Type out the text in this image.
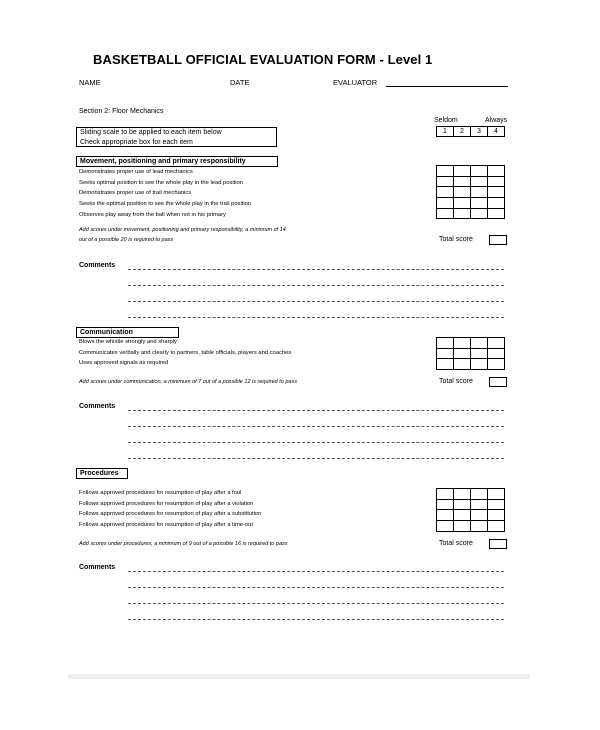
BASKETBALL OFFICIAL EVALUATION FORM - Level 1
NAME	DATE	EVALUATOR
Section 2: Floor Mechanics
Seldom	Always
1	2	3	4
Sliding scale to be applied to each item below
Check appropriate box for each item
Movement, positioning and primary responsibility
Demonstrates proper use of lead mechanics
Seeks optimal position to see the whole play in the lead position
Demonstrates proper use of trail mechanics
Seeks the optimal position to see the whole play in the trail position
Observes play away from the ball when not in his primary

Add scores under movement, positioning and primary responsibility, a minimum of 14
out of a possible 20 is required to pass	Total score
Comments
Communication
Blows the whistle strongly and sharply
Communicates verbally and clearly to partners, table officials, players and coaches
Uses approved signals as required

Add scores under communication, a minimum of 7 out of a possible 12 is required to pass	Total score
Comments
Procedures
Follows approved procedures for resumption of play after a foul
Follows approved procedures for resumption of play after a violation
Follows approved procedures for resumption of play after a substitution
Follows approved procedures for resumption of play after a time-out

Add scores under procedures, a minimum of 9 out of a possible 16 is required to pass	Total score
Comments
